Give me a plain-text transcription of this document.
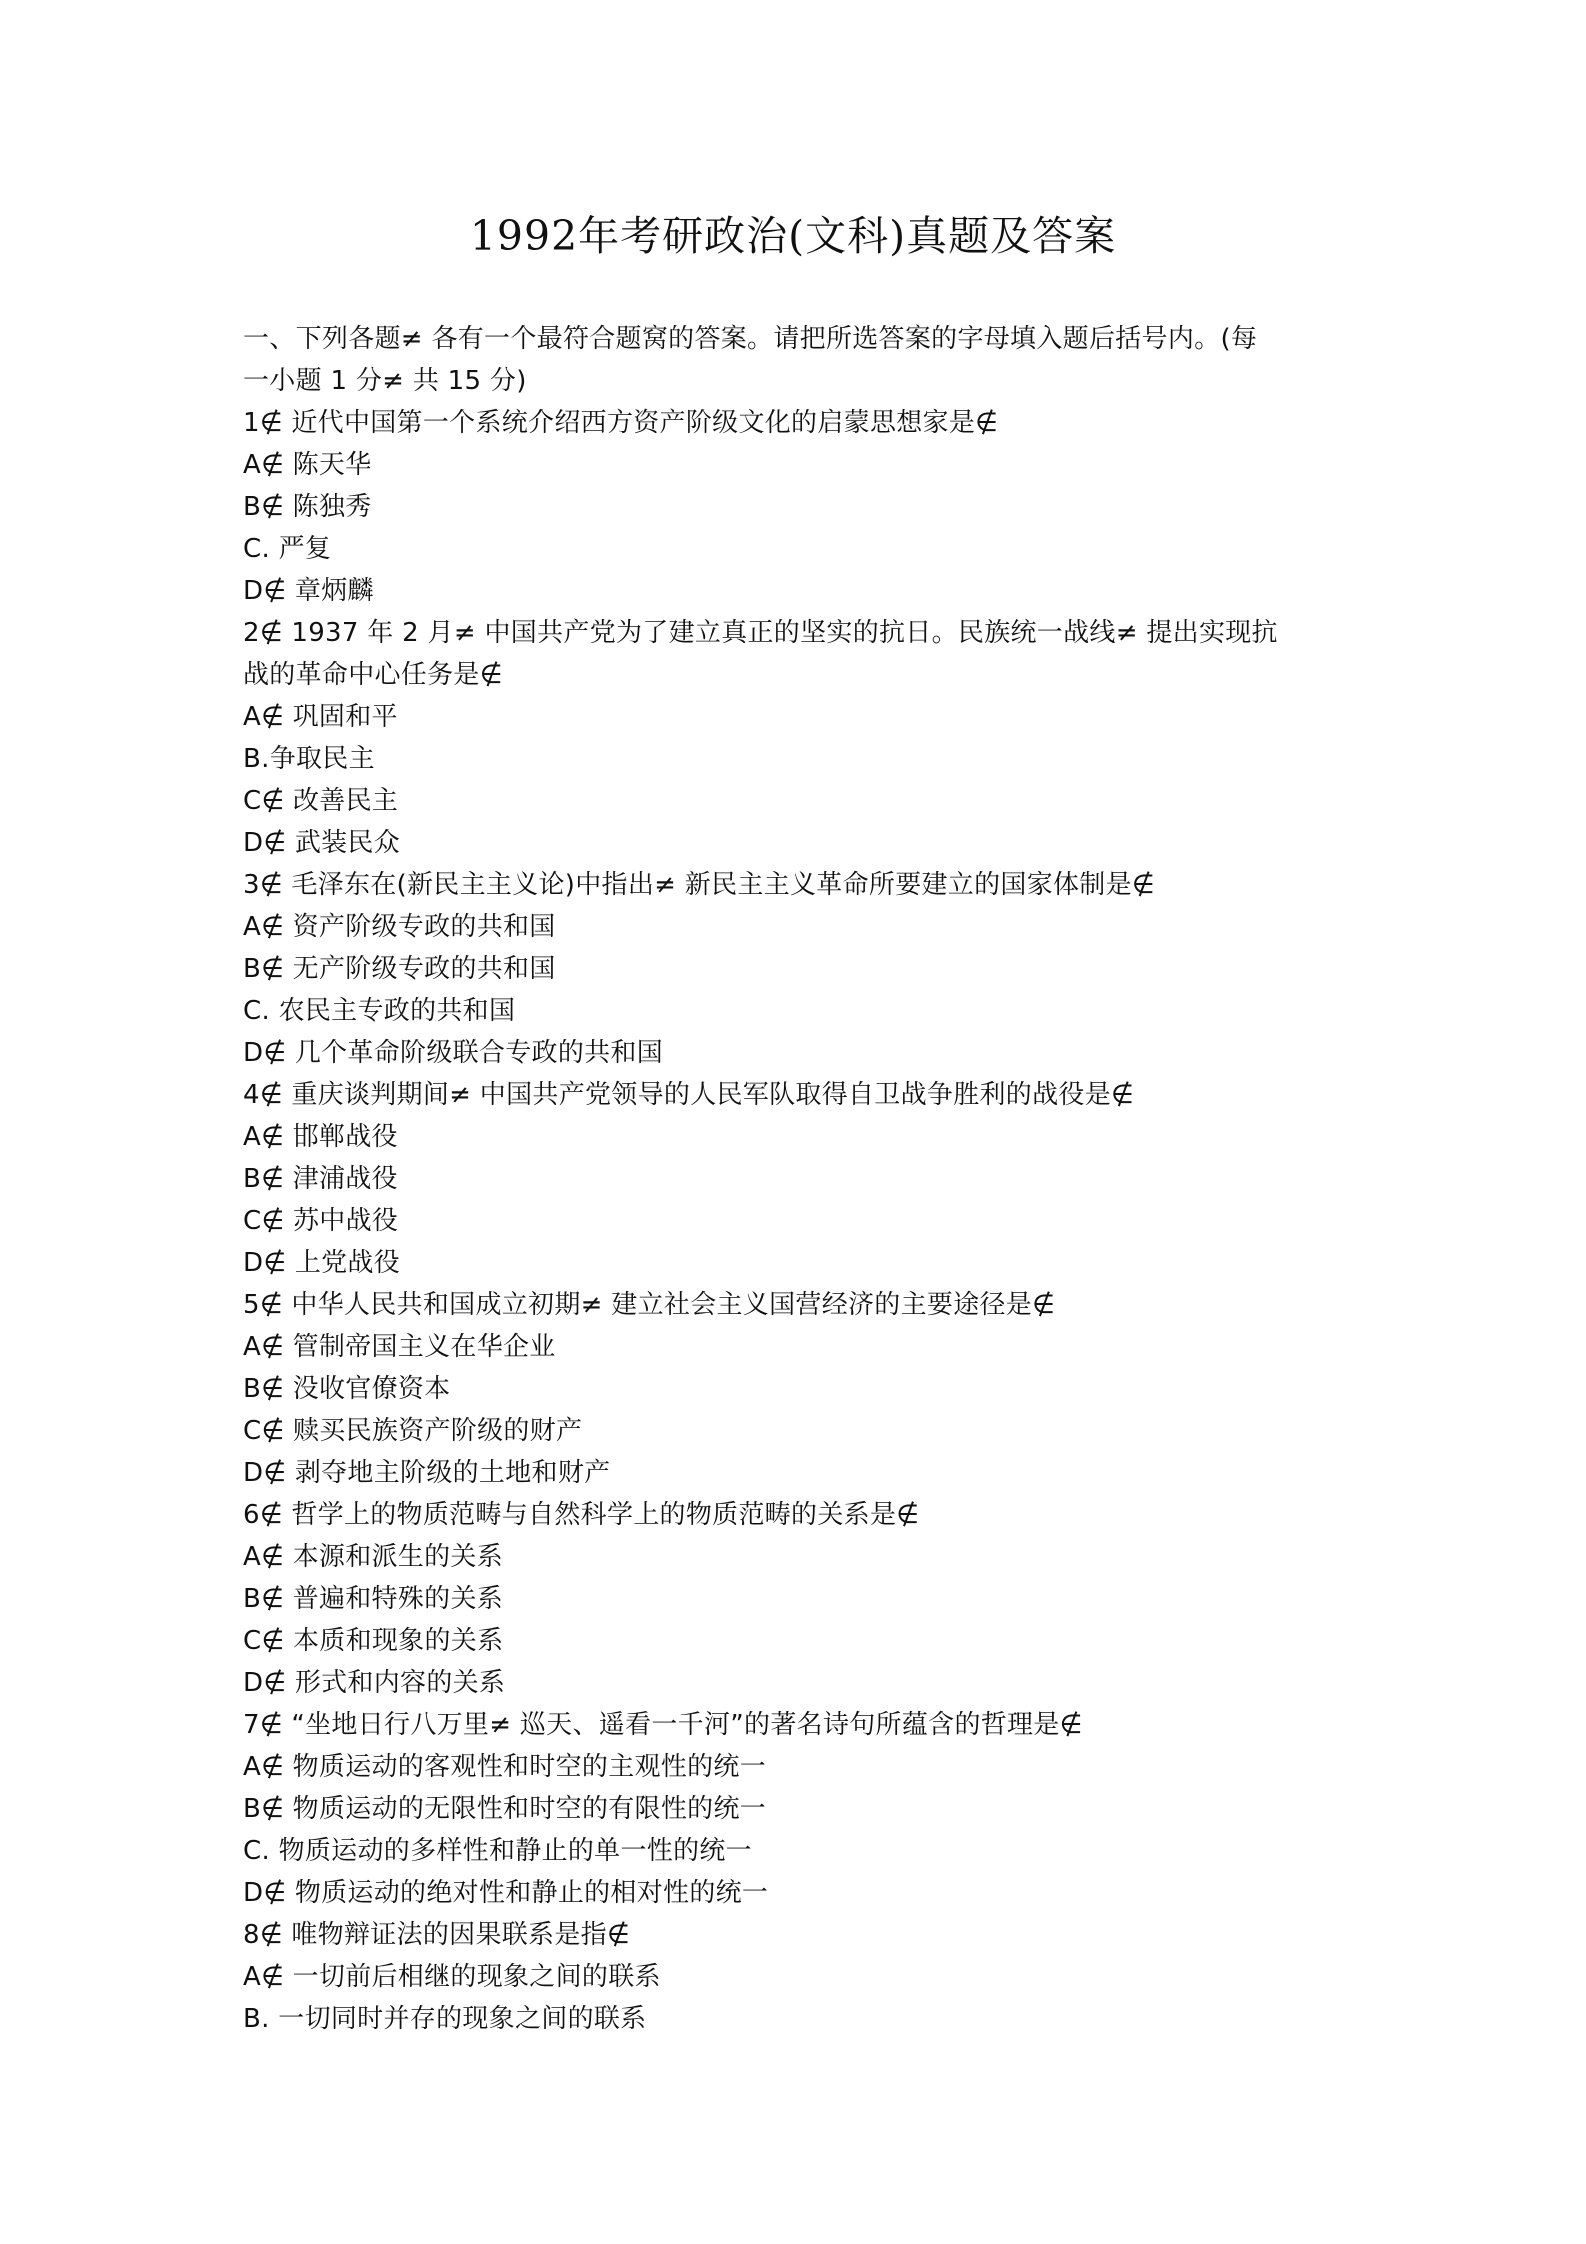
1992年考研政治(文科)真题及答案
一、下列各题≠ 各有一个最符合题窝的答案。请把所选答案的字母填入题后括号内。(每
一小题 1 分≠ 共 15 分)
1∉ 近代中国第一个系统介绍西方资产阶级文化的启蒙思想家是∉
A∉ 陈天华
B∉ 陈独秀
C. 严复
D∉ 章炳麟
2∉ 1937 年 2 月≠ 中国共产党为了建立真正的坚实的抗日。民族统一战线≠ 提出实现抗
战的革命中心任务是∉
A∉ 巩固和平
B.争取民主
C∉ 改善民主
D∉ 武装民众
3∉ 毛泽东在(新民主主义论)中指出≠ 新民主主义革命所要建立的国家体制是∉
A∉ 资产阶级专政的共和国
B∉ 无产阶级专政的共和国
C. 农民主专政的共和国
D∉ 几个革命阶级联合专政的共和国
4∉ 重庆谈判期间≠ 中国共产党领导的人民军队取得自卫战争胜利的战役是∉
A∉ 邯郸战役
B∉ 津浦战役
C∉ 苏中战役
D∉ 上党战役
5∉ 中华人民共和国成立初期≠ 建立社会主义国营经济的主要途径是∉
A∉ 管制帝国主义在华企业
B∉ 没收官僚资本
C∉ 赎买民族资产阶级的财产
D∉ 剥夺地主阶级的土地和财产
6∉ 哲学上的物质范畴与自然科学上的物质范畴的关系是∉
A∉ 本源和派生的关系
B∉ 普遍和特殊的关系
C∉ 本质和现象的关系
D∉ 形式和内容的关系
7∉ “坐地日行八万里≠ 巡天、遥看一千河”的著名诗句所蕴含的哲理是∉
A∉ 物质运动的客观性和时空的主观性的统一
B∉ 物质运动的无限性和时空的有限性的统一
C. 物质运动的多样性和静止的单一性的统一
D∉ 物质运动的绝对性和静止的相对性的统一
8∉ 唯物辩证法的因果联系是指∉
A∉ 一切前后相继的现象之间的联系
B. 一切同时并存的现象之间的联系
